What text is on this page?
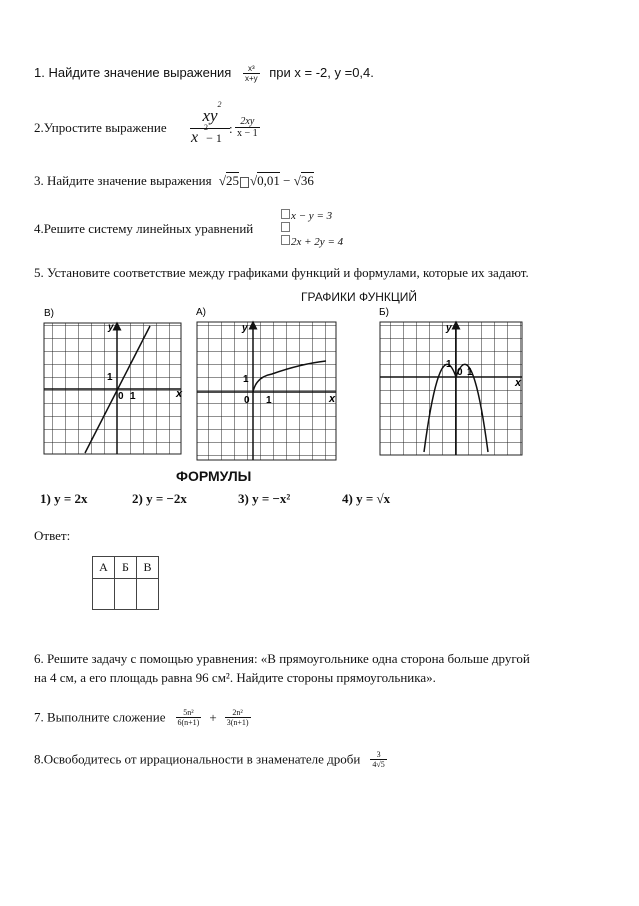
1. Найдите значение выражения $\frac{\text{x³}}{x+y}$ при x = -2, y =0,4.
2.Упростите выражение
xy
2
x
2
− 1
: $\frac{2xy}{x - 1}$
3. Найдите значение выражения √25 √0,01 − √36
4.Решите систему линейных уравнений
x − y = 3
2x + 2y = 4
5. Установите соответствие между графиками функций и формулами, которые их задают.
ГРАФИКИ ФУНКЦИЙ
В)
y
x
1
0 1
А)
y
x
1
0 1
Б)
y
x
1
0 1
ФОРМУЛЫ
1) y = 2x	2) y = −2x	3) y = −x²	4) y = √x
Ответ:
А	Б	В

6. Решите задачу с помощью уравнения: «В прямоугольнике одна сторона больше другой
на 4 см, а его площадь равна 96 см². Найдите стороны прямоугольника».
7. Выполните сложение $\frac{\text{5n²}}{6(n+1)} + \frac{\text{2n²}}{3(n+1)}$
8.Освободитесь от иррациональности в знаменателе дроби $\frac{3}{4√5}$
